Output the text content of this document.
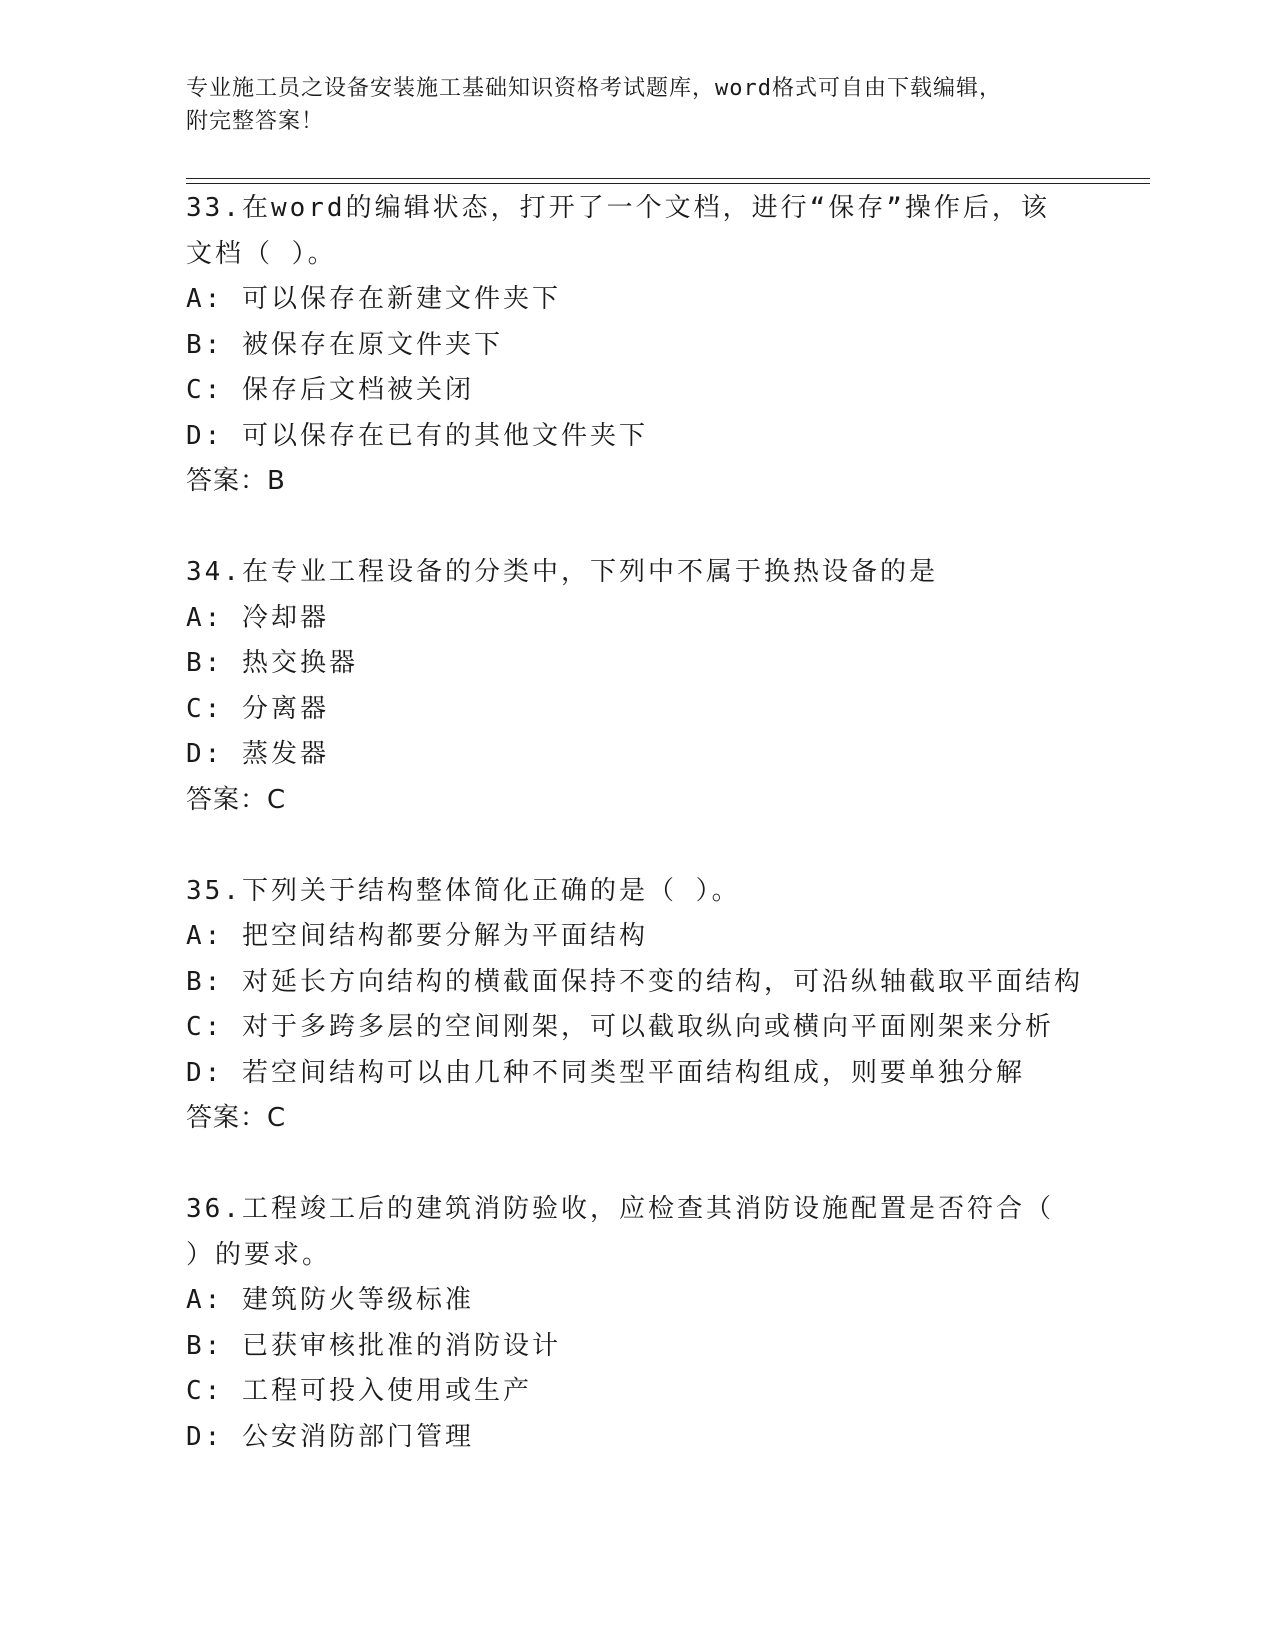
专业施工员之设备安装施工基础知识资格考试题库，word格式可自由下载编辑，
附完整答案！
33.在word的编辑状态，打开了一个文档，进行“保存”操作后，该
文档（ ）。
A: 可以保存在新建文件夹下
B: 被保存在原文件夹下
C: 保存后文档被关闭
D: 可以保存在已有的其他文件夹下
答案：B
34.在专业工程设备的分类中，下列中不属于换热设备的是
A: 冷却器
B: 热交换器
C: 分离器
D: 蒸发器
答案：C
35.下列关于结构整体简化正确的是（ ）。
A: 把空间结构都要分解为平面结构
B: 对延长方向结构的横截面保持不变的结构，可沿纵轴截取平面结构
C: 对于多跨多层的空间刚架，可以截取纵向或横向平面刚架来分析
D: 若空间结构可以由几种不同类型平面结构组成，则要单独分解
答案：C
36.工程竣工后的建筑消防验收，应检查其消防设施配置是否符合（
）的要求。
A: 建筑防火等级标准
B: 已获审核批准的消防设计
C: 工程可投入使用或生产
D: 公安消防部门管理
